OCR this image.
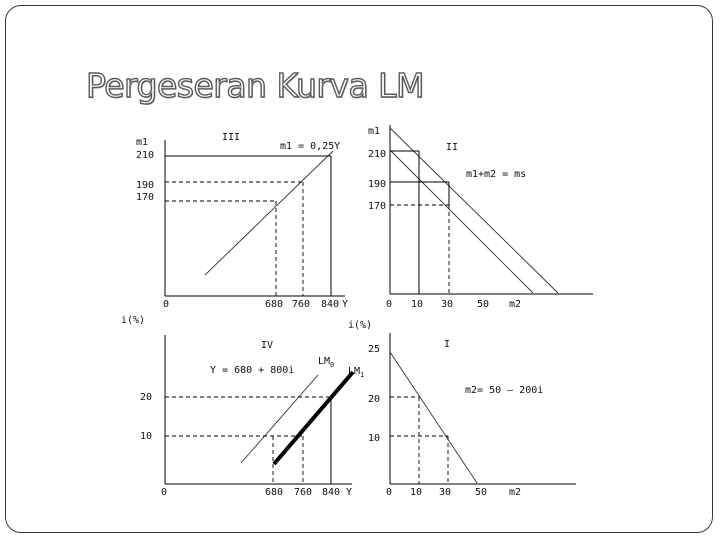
Pergeseran Kurva LM
m1
210
190
170
III
m1 = 0,25Y
0	680 760 840 Y
i(%)
m1
210
190
170
II
m1+m2 = ms
0 10 30 50 m2
i(%)
IV
Y = 680 + 800i
$LM_0$
$LM_1$
20
10
0	680 760 840 Y
I
25
20
10
m2= 50 – 200i
0 10 30 50 m2
